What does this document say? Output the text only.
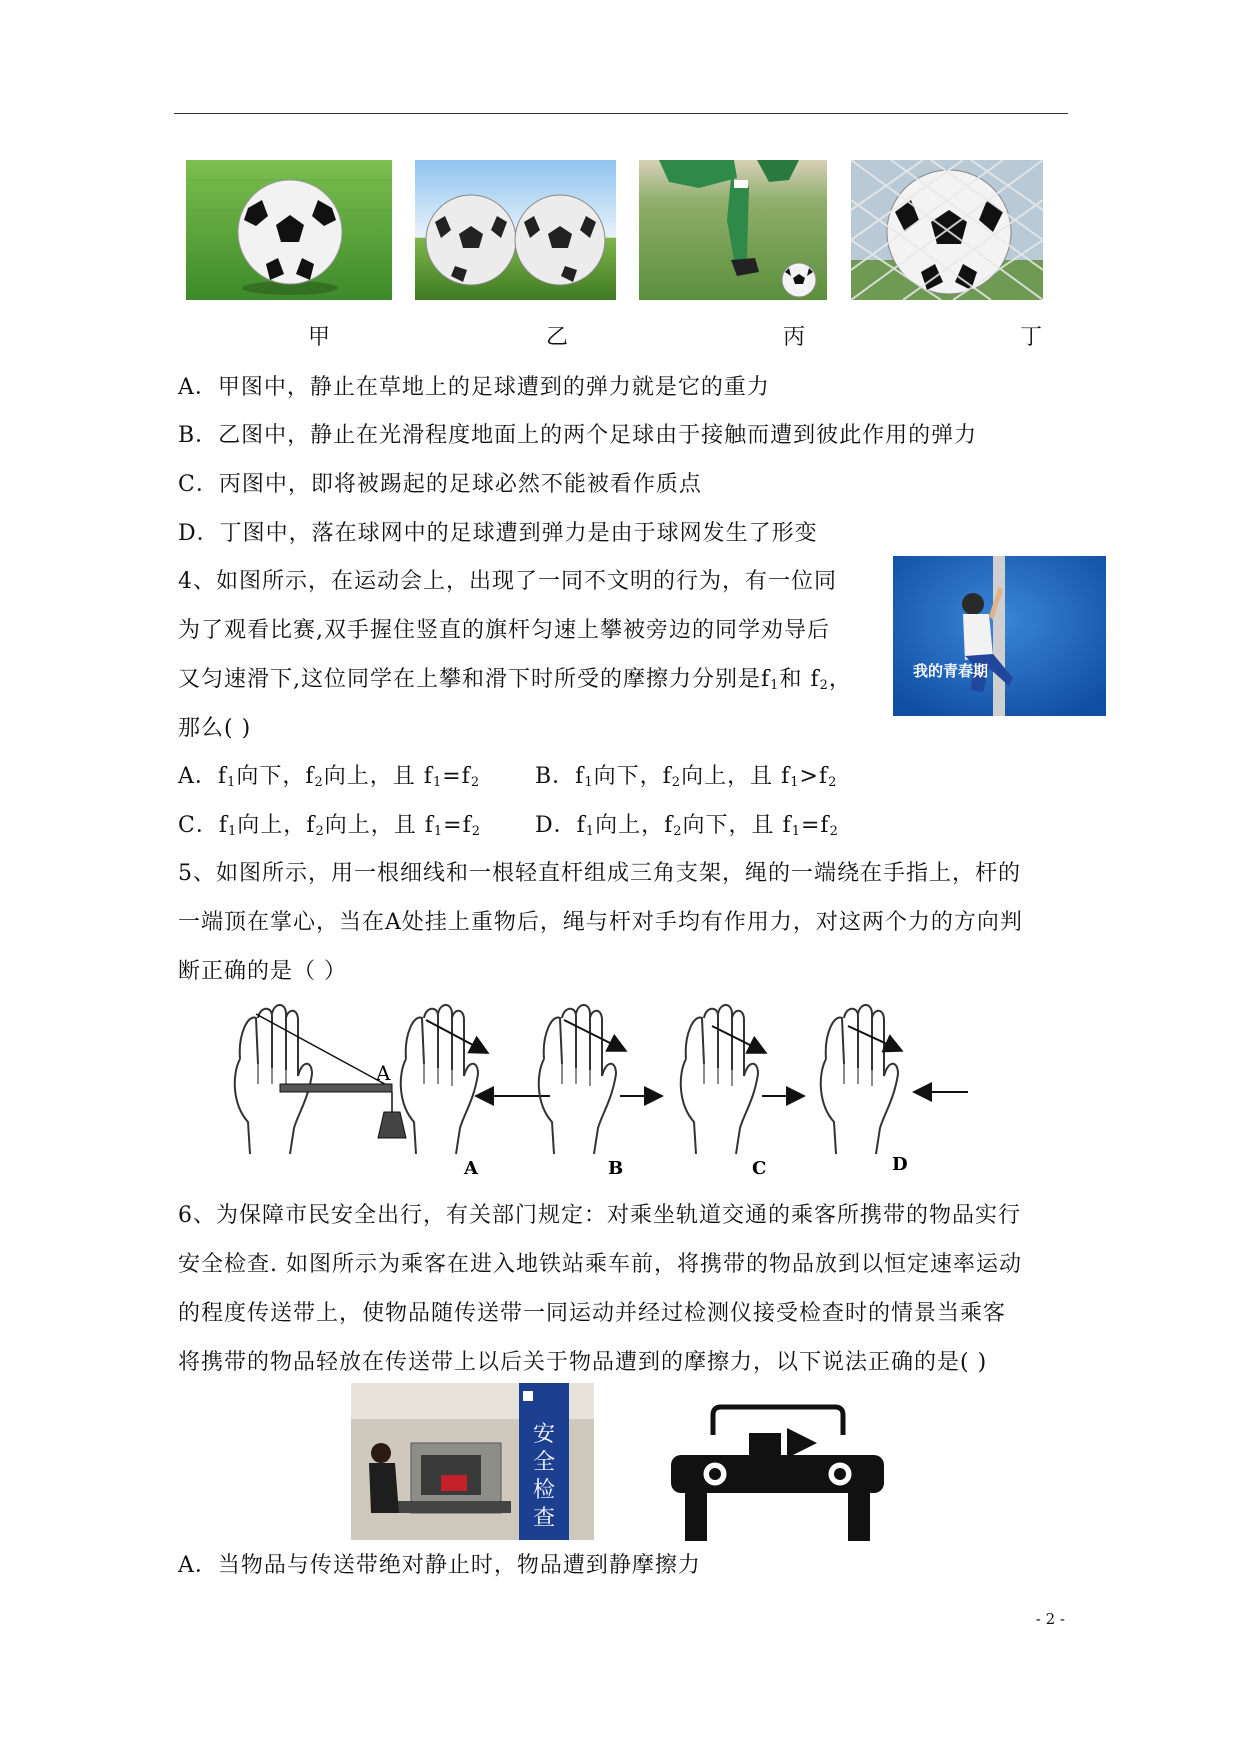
甲	乙	丙	丁
A．甲图中，静止在草地上的足球遭到的弹力就是它的重力
B．乙图中，静止在光滑程度地面上的两个足球由于接触而遭到彼此作用的弹力
C．丙图中，即将被踢起的足球必然不能被看作质点
D．丁图中，落在球网中的足球遭到弹力是由于球网发生了形变
4、如图所示，在运动会上，出现了一同不文明的行为，有一位同
为了观看比赛,双手握住竖直的旗杆匀速上攀被旁边的同学劝导后
又匀速滑下,这位同学在上攀和滑下时所受的摩擦力分别是$f_1$和 $f_2$，
那么( )
我的青春期
A．$f_1$向下，$f_2$向上，且 $f_1=f_2$ B．$f_1$向下，$f_2$向上，且 $f_1>f_2$
C．$f_1$向上，$f_2$向上，且 $f_1=f_2$ D．$f_1$向上，$f_2$向下，且 $f_1=f_2$
5、如图所示，用一根细线和一根轻直杆组成三角支架，绳的一端绕在手指上，杆的
一端顶在掌心，当在A处挂上重物后，绳与杆对手均有作用力，对这两个力的方向判
断正确的是（ ）
A
A	B	C	D
6、为保障市民安全出行，有关部门规定：对乘坐轨道交通的乘客所携带的物品实行
安全检查. 如图所示为乘客在进入地铁站乘车前，将携带的物品放到以恒定速率运动
的程度传送带上，使物品随传送带一同运动并经过检测仪接受检查时的情景当乘客
将携带的物品轻放在传送带上以后关于物品遭到的摩擦力，以下说法正确的是( )
安
全
检
查
A．当物品与传送带绝对静止时，物品遭到静摩擦力
- 2 -
